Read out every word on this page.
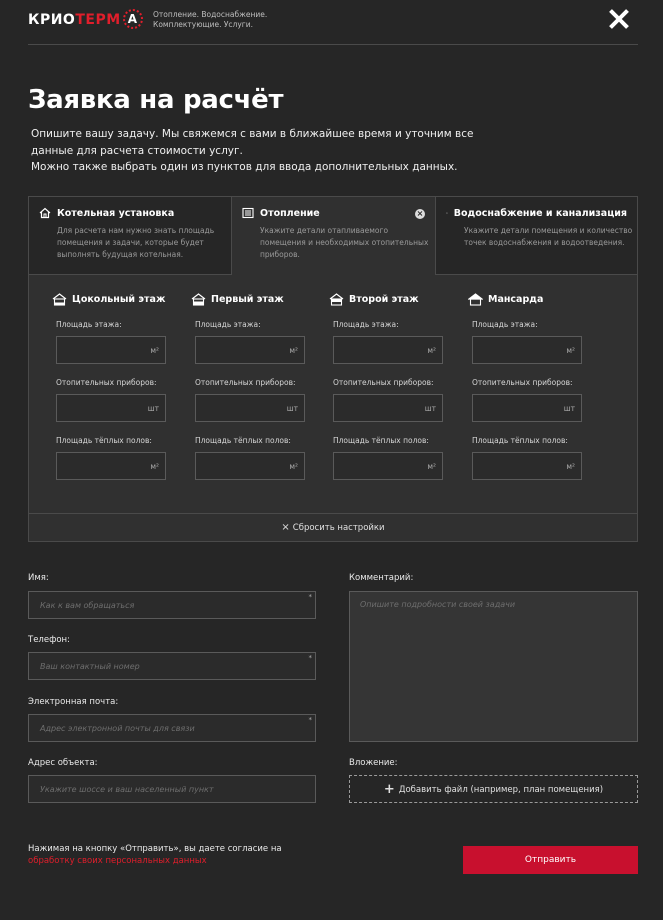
КРИОТЕРМ А	Отопление. Водоснабжение. Комплектующие. Услуги.
Заявка на расчёт

Опишите вашу задачу. Мы свяжемся с вами в ближайшее время и уточним все данные для расчета стоимости услуг.

Можно также выбрать один из пунктов для ввода дополнительных данных.

Котельная установка
Для расчета нам нужно знать площадь помещения и задачи, которые будет выполнять будущая котельная.
Отопление
Укажите детали отапливаемого помещения и необходимых отопительных приборов.
×	Водоснабжение и канализация
Укажите детали помещения и количество точек водоснабжения и водоотведения.
Цокольный этаж
Площадь этажа:
м²
Отопительных приборов:
шт
Площадь тёплых полов:
м²
Первый этаж
Площадь этажа:
м²
Отопительных приборов:
шт
Площадь тёплых полов:
м²
Второй этаж
Площадь этажа:
м²
Отопительных приборов:
шт
Площадь тёплых полов:
м²
Мансарда
Площадь этажа:
м²
Отопительных приборов:
шт
Площадь тёплых полов:
м²
× Сбросить настройки
Имя:
Как к вам обращаться
*
Телефон:
Ваш контактный номер
*
Электронная почта:
Адрес электронной почты для связи
*
Адрес объекта:
Укажите шоссе и ваш населенный пункт
Комментарий:
Опишите подробности своей задачи
Вложение:
+ Добавить файл (например, план помещения)
Нажимая на кнопку «Отправить», вы даете согласие на обработку своих персональных данных	Отправить
